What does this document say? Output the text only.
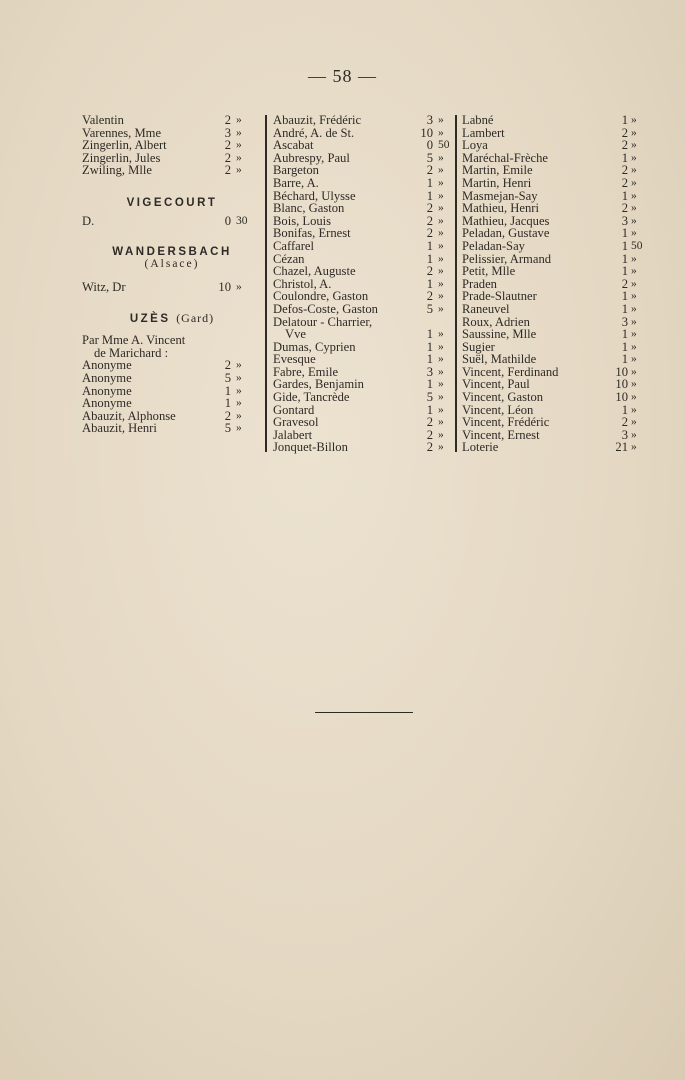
— 58 —
Valentin	2 »
Varennes, Mme	3 »
Zingerlin, Albert	2 »
Zingerlin, Jules	2 »
Zwiling, Mlle	2 »
VIGECOURT
D.	0 30
WANDERSBACH
(Alsace)
Witz, Dr	10 »
UZÈS (Gard)
Par Mme A. Vincent
de Marichard :
Anonyme	2 »
Anonyme	5 »
Anonyme	1 »
Anonyme	1 »
Abauzit, Alphonse	2 »
Abauzit, Henri	5 »
Abauzit, Frédéric	3 »
André, A. de St.	10 »
Ascabat	0 50
Aubrespy, Paul	5 »
Bargeton	2 »
Barre, A.	1 »
Béchard, Ulysse	1 »
Blanc, Gaston	2 »
Bois, Louis	2 »
Bonifas, Ernest	2 »
Caffarel	1 »
Cézan	1 »
Chazel, Auguste	2 »
Christol, A.	1 »
Coulondre, Gaston	2 »
Defos-Coste, Gaston	5 »
Delatour - Charrier,
Vve	1 »
Dumas, Cyprien	1 »
Evesque	1 »
Fabre, Emile	3 »
Gardes, Benjamin	1 »
Gide, Tancrède	5 »
Gontard	1 »
Gravesol	2 »
Jalabert	2 »
Jonquet-Billon	2 »
Labné	1 »
Lambert	2 »
Loya	2 »
Maréchal-Frèche	1 »
Martin, Emile	2 »
Martin, Henri	2 »
Masmejan-Say	1 »
Mathieu, Henri	2 »
Mathieu, Jacques	3 »
Peladan, Gustave	1 »
Peladan-Say	1 50
Pelissier, Armand	1 »
Petit, Mlle	1 »
Praden	2 »
Prade-Slautner	1 »
Raneuvel	1 »
Roux, Adrien	3 »
Saussine, Mlle	1 »
Sugier	1 »
Suël, Mathilde	1 »
Vincent, Ferdinand	10 »
Vincent, Paul	10 »
Vincent, Gaston	10 »
Vincent, Léon	1 »
Vincent, Frédéric	2 »
Vincent, Ernest	3 »
Loterie	21 »
